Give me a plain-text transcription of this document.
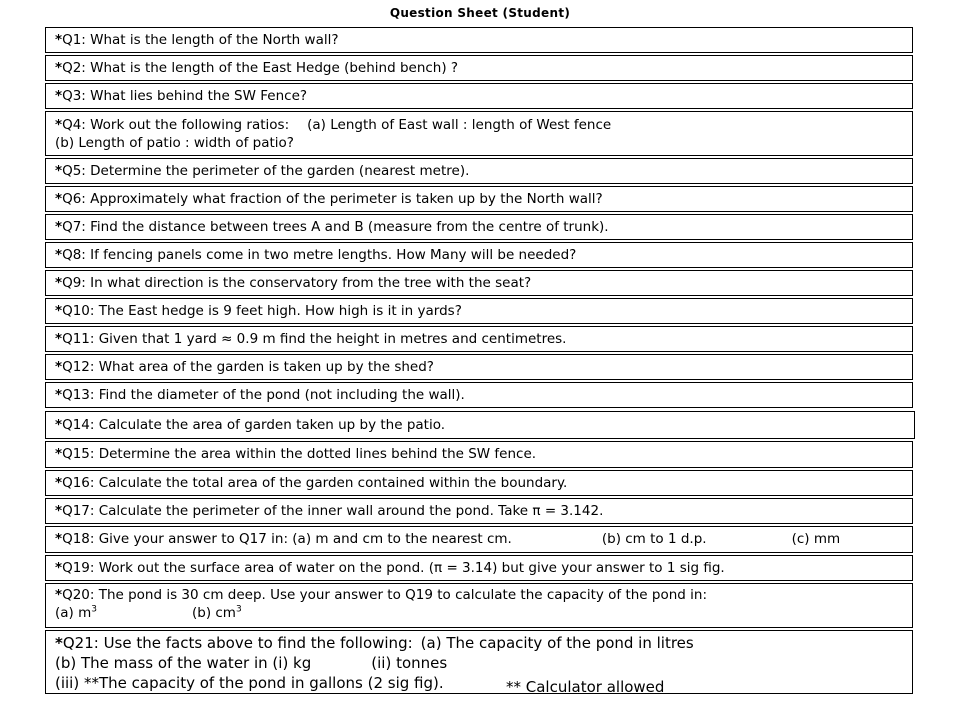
Question Sheet (Student)
* Q1: What is the length of the North wall?
* Q2: What is the length of the East Hedge (behind bench) ?
* Q3: What lies behind the SW Fence?
*Q4: Work out the following ratios: (a) Length of East wall : length of West fence
(b) Length of patio : width of patio?
* Q5: Determine the perimeter of the garden (nearest metre).
* Q6: Approximately what fraction of the perimeter is taken up by the North wall?
* Q7: Find the distance between trees A and B (measure from the centre of trunk).
* Q8: If fencing panels come in two metre lengths. How Many will be needed?
* Q9: In what direction is the conservatory from the tree with the seat?
* Q10: The East hedge is 9 feet high. How high is it in yards?
* Q11: Given that 1 yard ≈ 0.9 m find the height in metres and centimetres.
* Q12: What area of the garden is taken up by the shed?
* Q13: Find the diameter of the pond (not including the wall).
* Q14: Calculate the area of garden taken up by the patio.
* Q15: Determine the area within the dotted lines behind the SW fence.
* Q16: Calculate the total area of the garden contained within the boundary.
* Q17: Calculate the perimeter of the inner wall around the pond. Take π = 3.142.
* Q18: Give your answer to Q17 in: (a) m and cm to the nearest cm.	(b) cm to 1 d.p.	(c) mm
* Q19: Work out the surface area of water on the pond. (π = 3.14) but give your answer to 1 sig fig.
*Q20: The pond is 30 cm deep. Use your answer to Q19 to calculate the capacity of the pond in:
(a) $m^3$	(b) $cm^3$
*Q21: Use the facts above to find the following: (a) The capacity of the pond in litres
(b) The mass of the water in (i) kg	(ii) tonnes
(iii) **The capacity of the pond in gallons (2 sig fig).	** Calculator allowed
